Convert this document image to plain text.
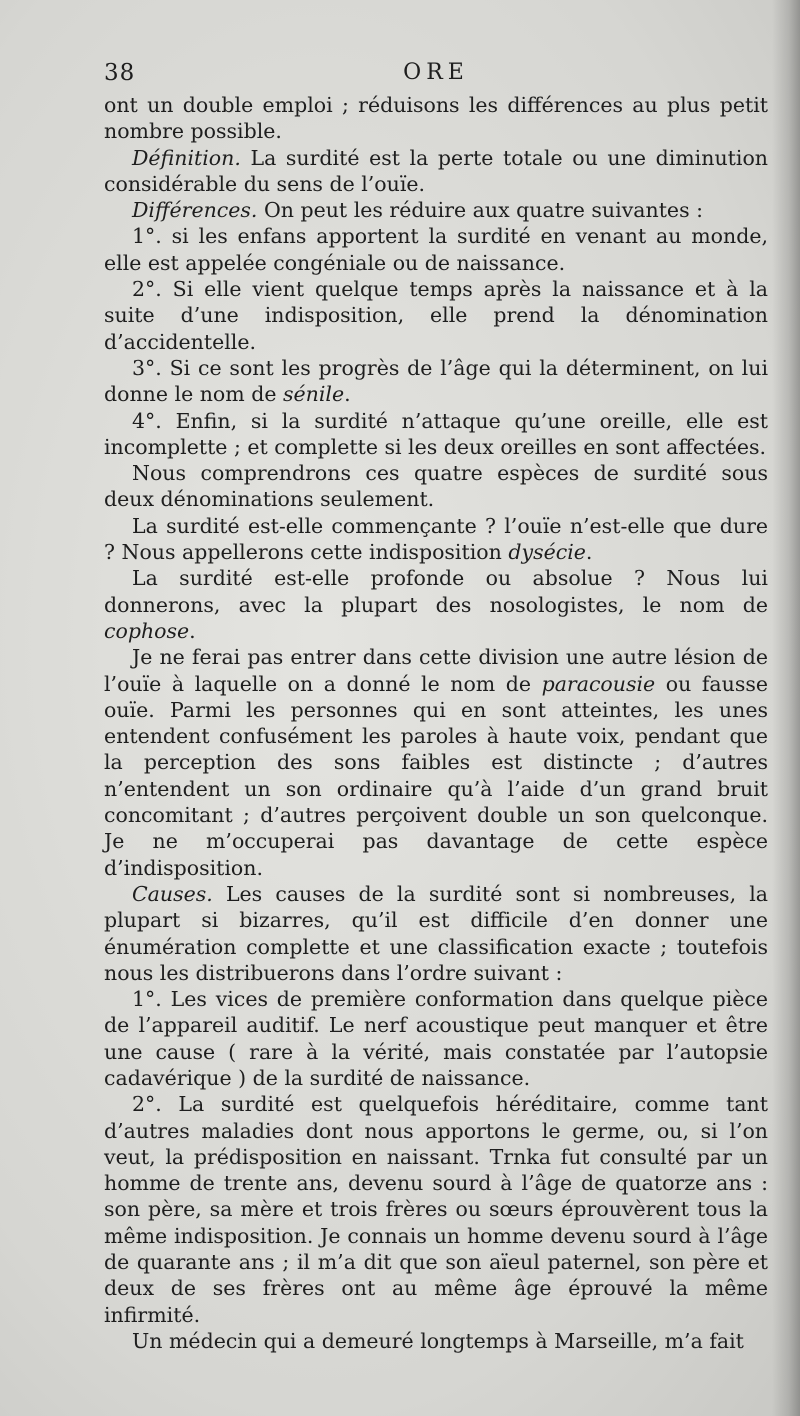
38	ORE

ont un double emploi ; réduisons les différences au plus petit nombre possible.

Définition. La surdité est la perte totale ou une diminution considérable du sens de l’ouïe.

Différences. On peut les réduire aux quatre suivantes :

1°. si les enfans apportent la surdité en venant au monde, elle est appelée congéniale ou de naissance.

2°. Si elle vient quelque temps après la naissance et à la suite d’une indisposition, elle prend la dénomination d’accidentelle.

3°. Si ce sont les progrès de l’âge qui la déterminent, on lui donne le nom de sénile.

4°. Enfin, si la surdité n’attaque qu’une oreille, elle est incomplette ; et complette si les deux oreilles en sont affectées.

Nous comprendrons ces quatre espèces de surdité sous deux dénominations seulement.

La surdité est-elle commençante ? l’ouïe n’est-elle que dure ? Nous appellerons cette indisposition dysécie.

La surdité est-elle profonde ou absolue ? Nous lui donnerons, avec la plupart des nosologistes, le nom de cophose.

Je ne ferai pas entrer dans cette division une autre lésion de l’ouïe à laquelle on a donné le nom de paracousie ou fausse ouïe. Parmi les personnes qui en sont atteintes, les unes entendent confusément les paroles à haute voix, pendant que la perception des sons faibles est distincte ; d’autres n’entendent un son ordinaire qu’à l’aide d’un grand bruit concomitant ; d’autres perçoivent double un son quelconque. Je ne m’occuperai pas davantage de cette espèce d’indisposition.

Causes. Les causes de la surdité sont si nombreuses, la plupart si bizarres, qu’il est difficile d’en donner une énumération complette et une classification exacte ; toutefois nous les distribuerons dans l’ordre suivant :

1°. Les vices de première conformation dans quelque pièce de l’appareil auditif. Le nerf acoustique peut manquer et être une cause ( rare à la vérité, mais constatée par l’autopsie cadavérique ) de la surdité de naissance.

2°. La surdité est quelquefois héréditaire, comme tant d’autres maladies dont nous apportons le germe, ou, si l’on veut, la prédisposition en naissant. Trnka fut consulté par un homme de trente ans, devenu sourd à l’âge de quatorze ans : son père, sa mère et trois frères ou sœurs éprouvèrent tous la même indisposition. Je connais un homme devenu sourd à l’âge de quarante ans ; il m’a dit que son aïeul paternel, son père et deux de ses frères ont au même âge éprouvé la même infirmité.

Un médecin qui a demeuré longtemps à Marseille, m’a fait
